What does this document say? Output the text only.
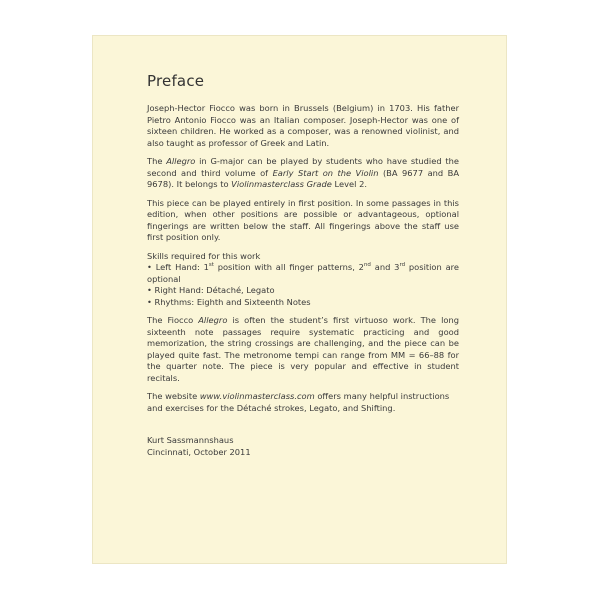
Preface

Joseph-Hector Fiocco was born in Brussels (Belgium) in 1703. His father Pietro Antonio Fiocco was an Italian composer. Joseph-Hector was one of sixteen children. He worked as a composer, was a renowned violinist, and also taught as professor of Greek and Latin.

The Allegro in G-major can be played by students who have studied the second and third volume of Early Start on the Violin (BA 9677 and BA 9678). It belongs to Violinmasterclass Grade Level 2.

This piece can be played entirely in first position. In some passages in this edition, when other positions are possible or advantageous, optional fingerings are written below the staff. All fingerings above the staff use first position only.

Skills required for this work
• Left Hand: 1st position with all finger patterns, 2nd and 3rd position are optional
• Right Hand: Détaché, Legato
• Rhythms: Eighth and Sixteenth Notes

The Fiocco Allegro is often the student’s first virtuoso work. The long sixteenth note passages require systematic practicing and good memorization, the string crossings are challenging, and the piece can be played quite fast. The metronome tempi can range from MM = 66–88 for the quarter note. The piece is very popular and effective in student recitals.

The website www.violinmasterclass.com offers many helpful instructions and exercises for the Détaché strokes, Legato, and Shifting.

Kurt Sassmannshaus
Cincinnati, October 2011
